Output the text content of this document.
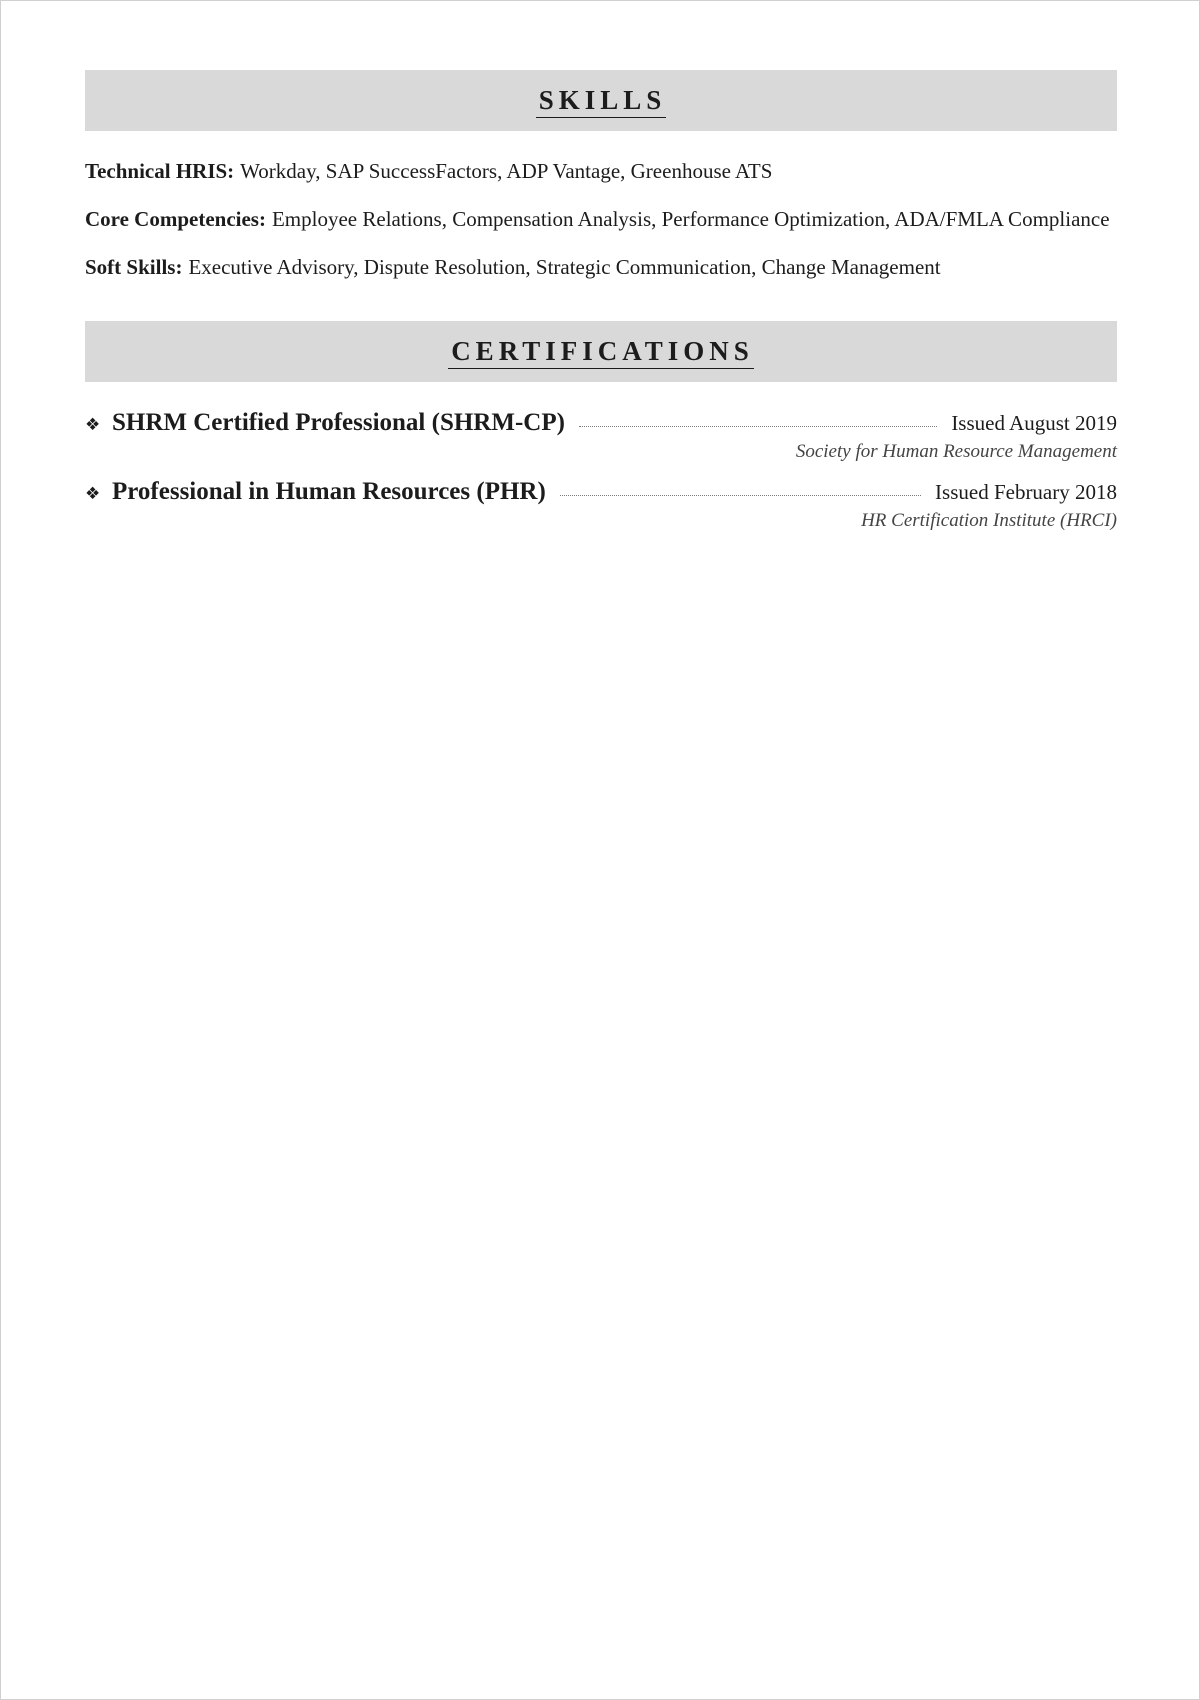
SKILLS
Technical HRIS: Workday, SAP SuccessFactors, ADP Vantage, Greenhouse ATS
Core Competencies: Employee Relations, Compensation Analysis, Performance Optimization, ADA/FMLA Compliance
Soft Skills: Executive Advisory, Dispute Resolution, Strategic Communication, Change Management
CERTIFICATIONS
❖ SHRM Certified Professional (SHRM-CP)	Issued August 2019
Society for Human Resource Management
❖ Professional in Human Resources (PHR)	Issued February 2018
HR Certification Institute (HRCI)
